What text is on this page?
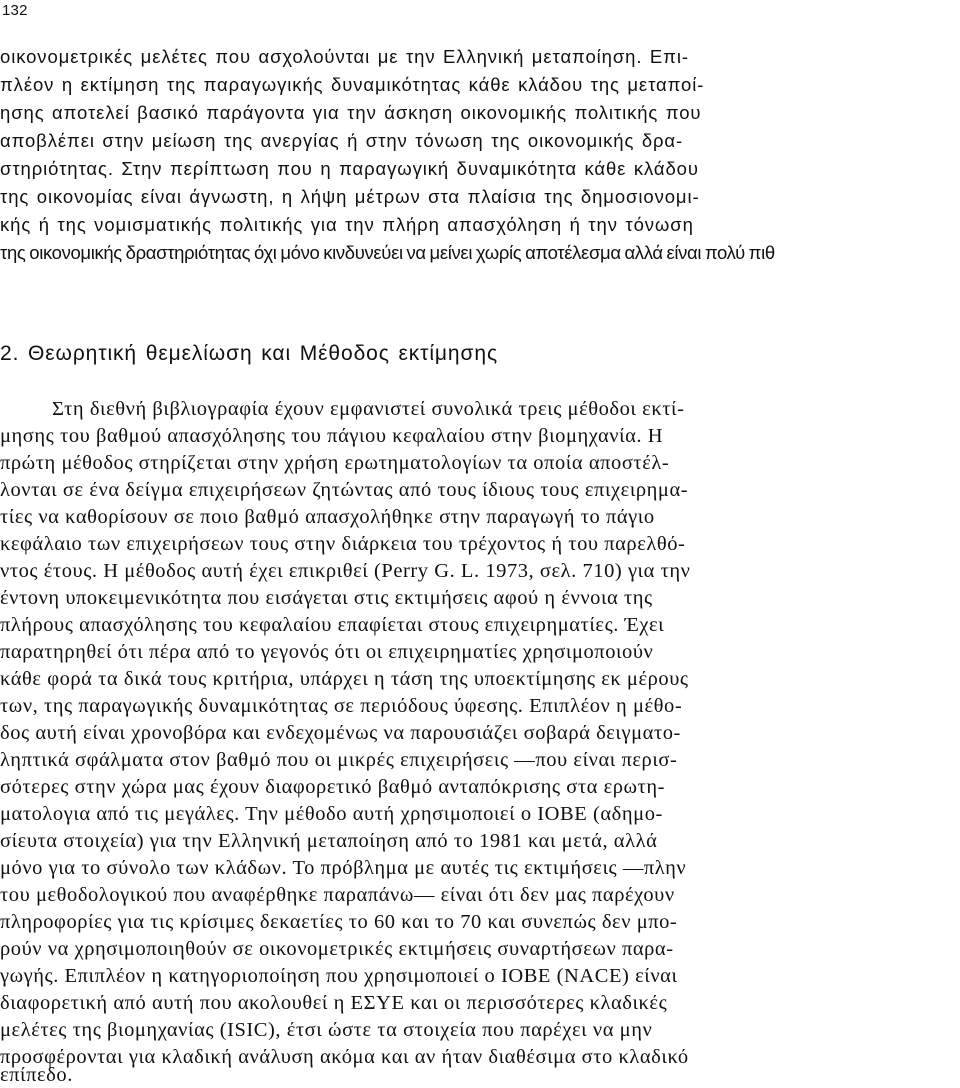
132
οικονομετρικές μελέτες που ασχολούνται με την Ελληνική μεταποίηση. Επι-
πλέον η εκτίμηση της παραγωγικής δυναμικότητας κάθε κλάδου της μεταποί-
ησης αποτελεί βασικό παράγοντα για την άσκηση οικονομικής πολιτικής που
αποβλέπει στην μείωση της ανεργίας ή στην τόνωση της οικονομικής δρα-
στηριότητας. Στην περίπτωση που η παραγωγική δυναμικότητα κάθε κλάδου
της οικονομίας είναι άγνωστη, η λήψη μέτρων στα πλαίσια της δημοσιονομι-
κής ή της νομισματικής πολιτικής για την πλήρη απασχόληση ή την τόνωση
της οικονομικής δραστηριότητας όχι μόνο κινδυνεύει να μείνει χωρίς αποτέλεσμα αλλά είναι πολύ πιθ
2. Θεωρητική θεμελίωση και Μέθοδος εκτίμησης
Στη διεθνή βιβλιογραφία έχουν εμφανιστεί συνολικά τρεις μέθοδοι εκτί-
μησης του βαθμού απασχόλησης του πάγιου κεφαλαίου στην βιομηχανία. Η
πρώτη μέθοδος στηρίζεται στην χρήση ερωτηματολογίων τα οποία αποστέλ-
λονται σε ένα δείγμα επιχειρήσεων ζητώντας από τους ίδιους τους επιχειρημα-
τίες να καθορίσουν σε ποιο βαθμό απασχολήθηκε στην παραγωγή το πάγιο
κεφάλαιο των επιχειρήσεων τους στην διάρκεια του τρέχοντος ή του παρελθό-
ντος έτους. Η μέθοδος αυτή έχει επικριθεί (Perry G. L. 1973, σελ. 710) για την
έντονη υποκειμενικότητα που εισάγεται στις εκτιμήσεις αφού η έννοια της
πλήρους απασχόλησης του κεφαλαίου επαφίεται στους επιχειρηματίες. Έχει
παρατηρηθεί ότι πέρα από το γεγονός ότι οι επιχειρηματίες χρησιμοποιούν
κάθε φορά τα δικά τους κριτήρια, υπάρχει η τάση της υποεκτίμησης εκ μέρους
των, της παραγωγικής δυναμικότητας σε περιόδους ύφεσης. Επιπλέον η μέθο-
δος αυτή είναι χρονοβόρα και ενδεχομένως να παρουσιάζει σοβαρά δειγματο-
ληπτικά σφάλματα στον βαθμό που οι μικρές επιχειρήσεις —που είναι περισ-
σότερες στην χώρα μας έχουν διαφορετικό βαθμό ανταπόκρισης στα ερωτη-
ματολογια από τις μεγάλες. Την μέθοδο αυτή χρησιμοποιεί ο ΙΟΒΕ (αδημο-
σίευτα στοιχεία) για την Ελληνική μεταποίηση από το 1981 και μετά, αλλά
μόνο για το σύνολο των κλάδων. Το πρόβλημα με αυτές τις εκτιμήσεις —πλην
του μεθοδολογικού που αναφέρθηκε παραπάνω— είναι ότι δεν μας παρέχουν
πληροφορίες για τις κρίσιμες δεκαετίες το 60 και το 70 και συνεπώς δεν μπο-
ρούν να χρησιμοποιηθούν σε οικονομετρικές εκτιμήσεις συναρτήσεων παρα-
γωγής. Επιπλέον η κατηγοριοποίηση που χρησιμοποιεί ο ΙΟΒΕ (NACE) είναι
διαφορετική από αυτή που ακολουθεί η ΕΣΥΕ και οι περισσότερες κλαδικές
μελέτες της βιομηχανίας (ISIC), έτσι ώστε τα στοιχεία που παρέχει να μην
προσφέρονται για κλαδική ανάλυση ακόμα και αν ήταν διαθέσιμα στο κλαδικό
επίπεδο.
